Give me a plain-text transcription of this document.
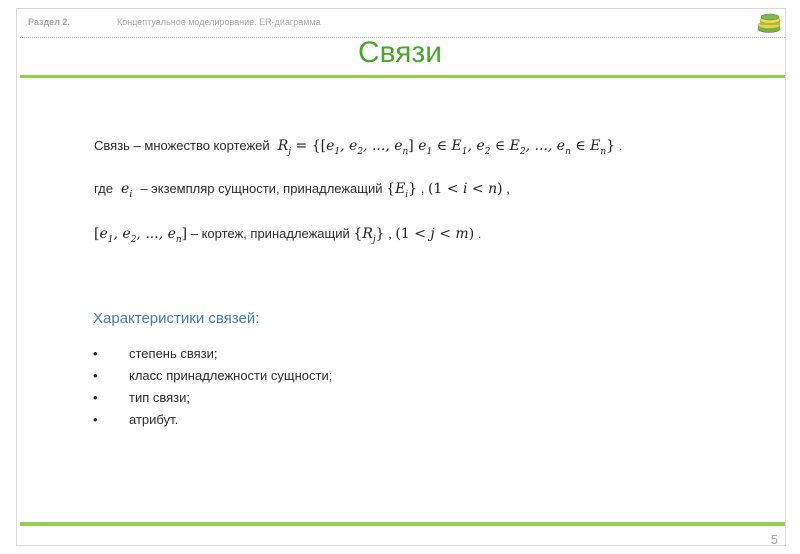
Раздел 2.	Концептуальное моделирование. ER-диаграмма
Связи
Связь – множество кортежей  $R_j = \{[e_1$, $e_2$, ..., $e_n$] $e_1$ ∈ $E_1$, $e_2$ ∈ $E_2$, ..., $e_n$ ∈ $E_n$} .
где  $e_i$ – экземпляр сущности, принадлежащий $\{E_i\}$ , (1 < i < n) ,
[$e_1$, $e_2$, ..., $e_n$] – кортеж, принадлежащий $\{R_j\}$ , (1 < j < m) .
Характеристики связей:
• степень связи;
• класс принадлежности сущности;
• тип связи;
• атрибут.
5
